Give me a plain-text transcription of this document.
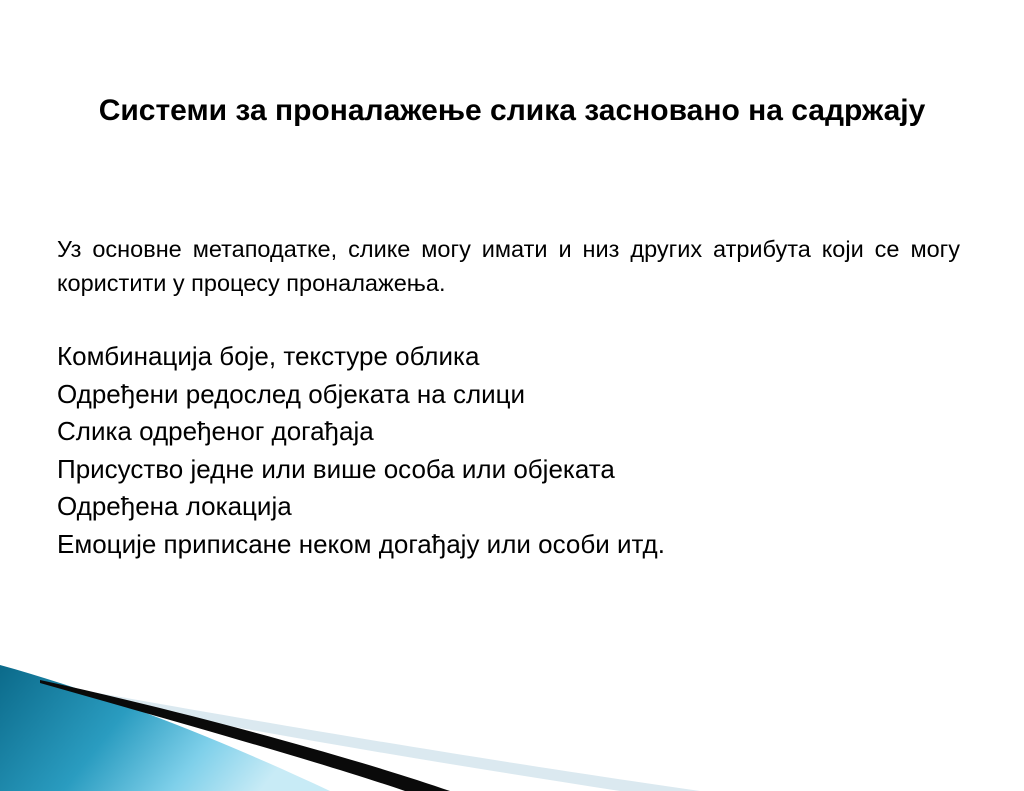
Системи за проналажење слика засновано на садржају

Уз основне метаподатке, слике могу имати и низ других атрибута који се могу користити у процесу проналажења.

Комбинација боје, текстуре облика
Одређени редослед објеката на слици
Слика одређеног догађаја
Присуство једне или више особа или објеката
Одређена локација
Емоције приписане неком догађају или особи итд.
